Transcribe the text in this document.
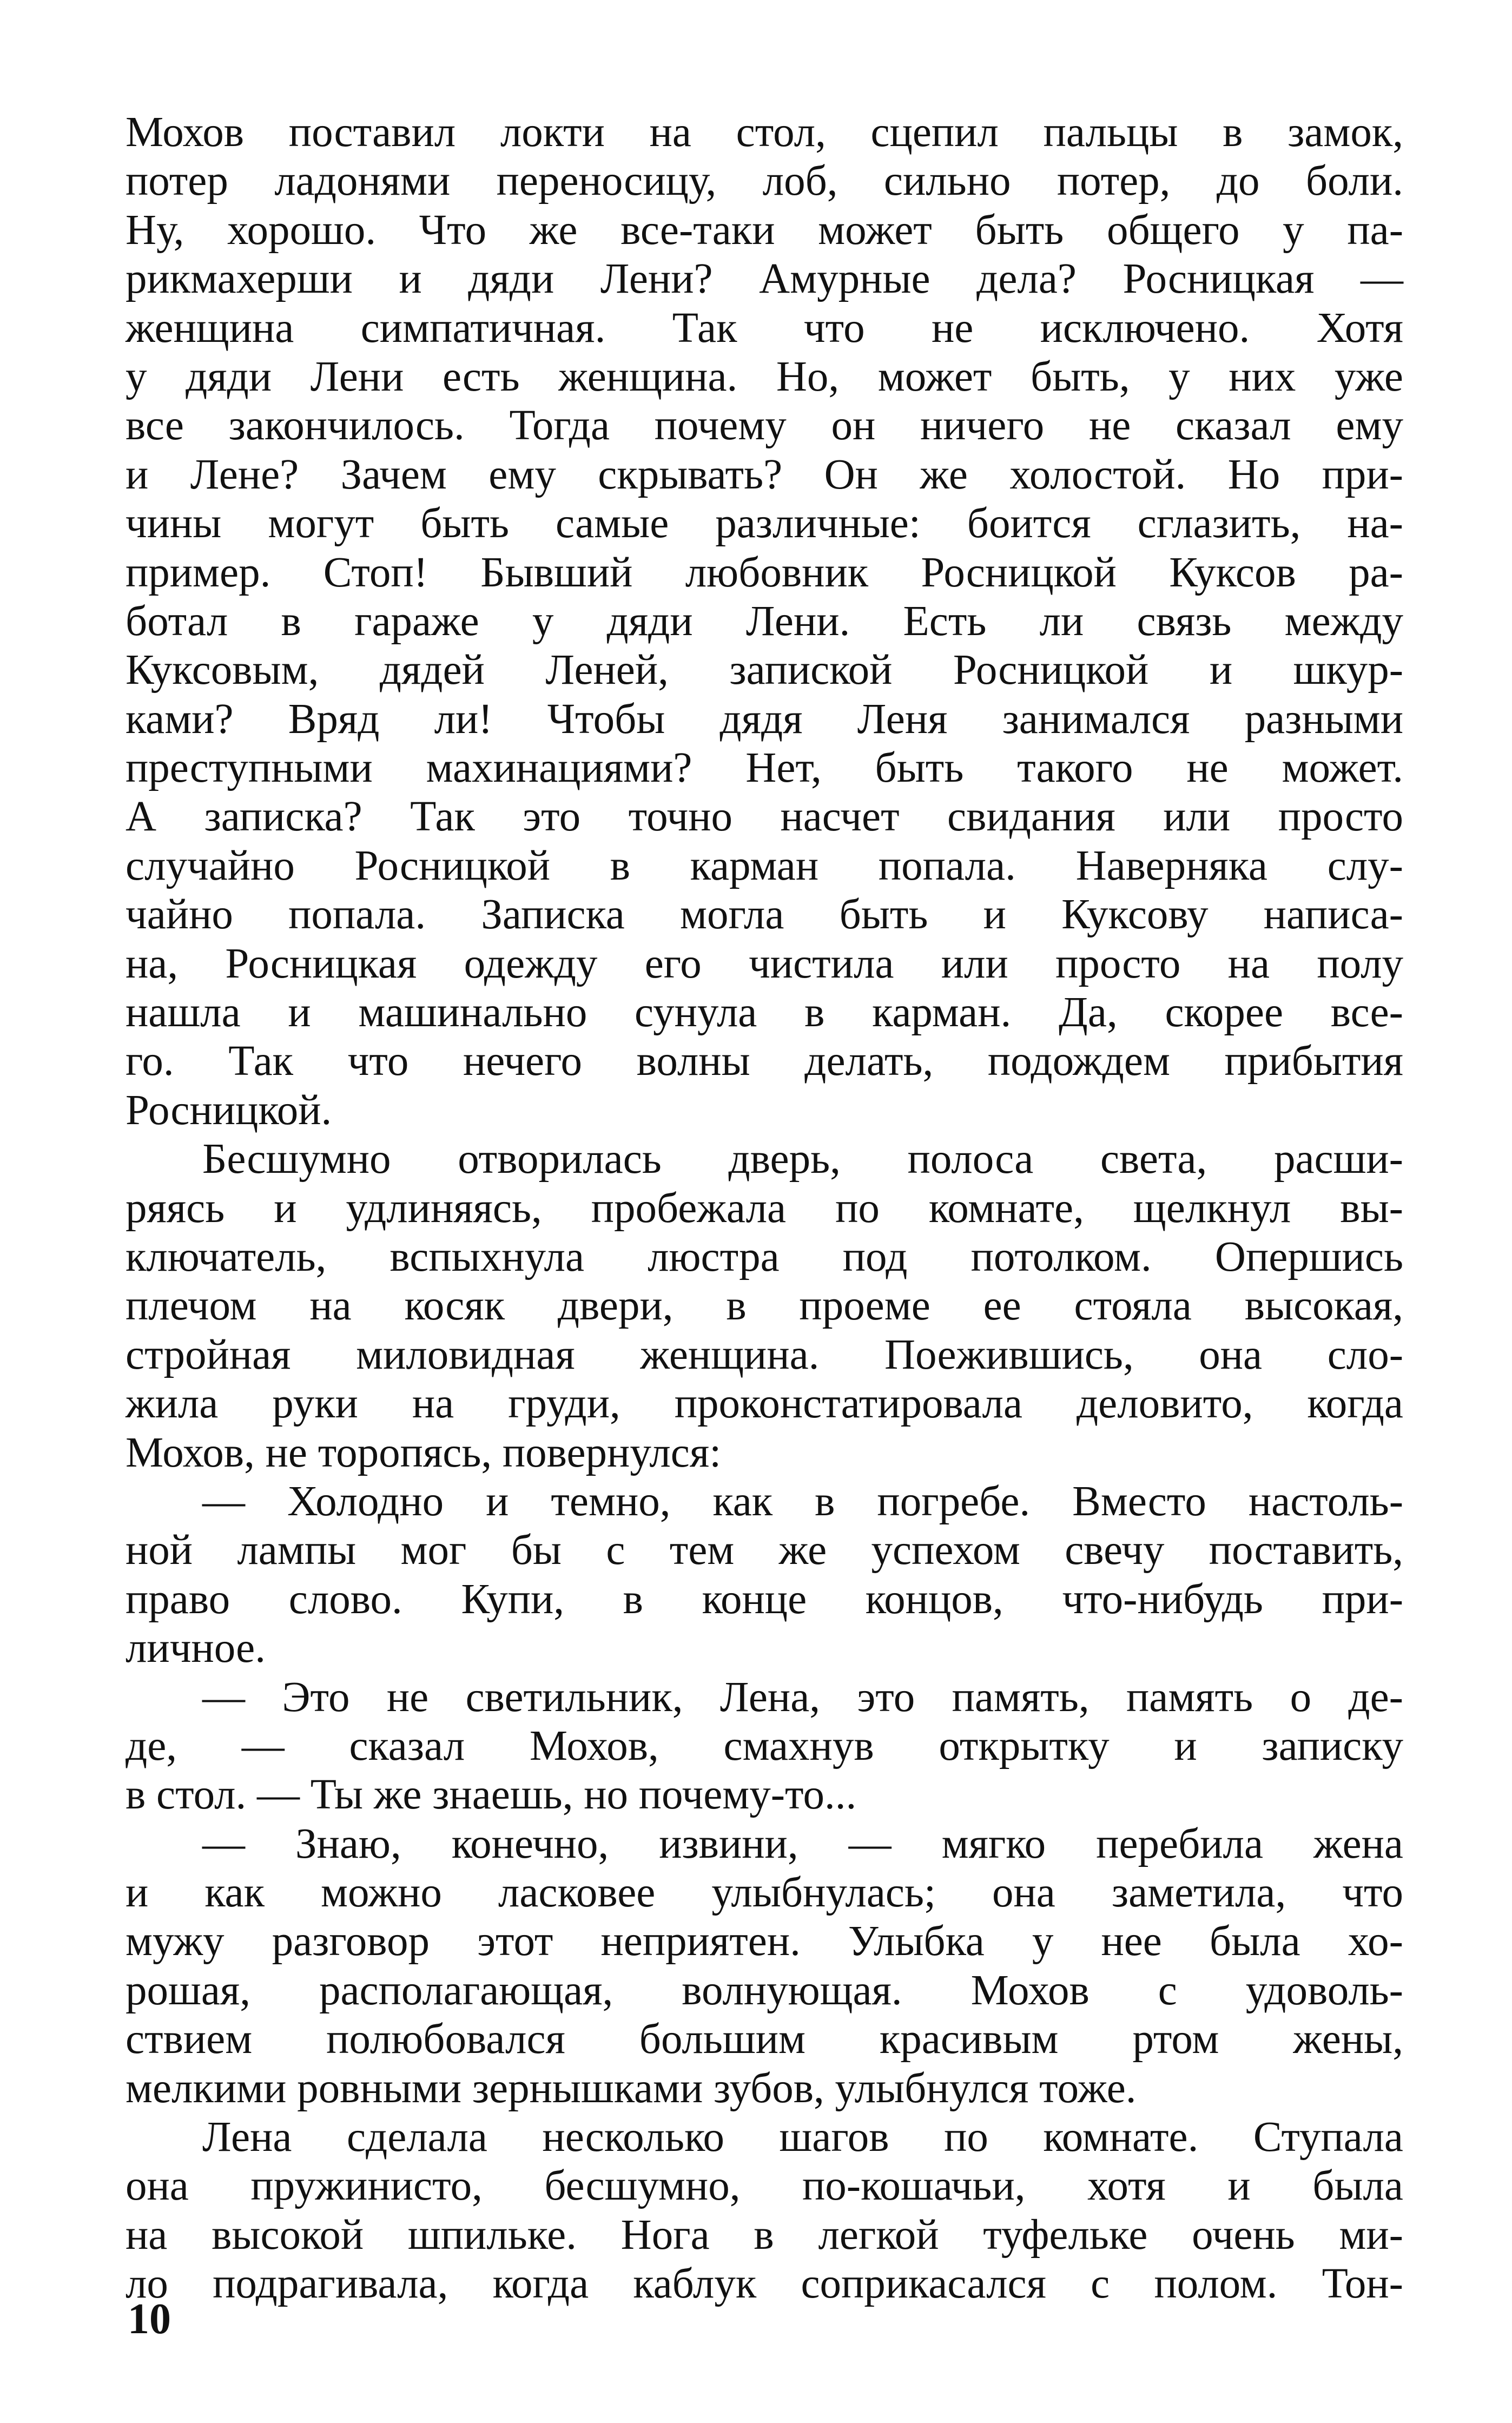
Мохов поставил локти на стол, сцепил пальцы в замок,
потер ладонями переносицу, лоб, сильно потер, до боли.
Ну, хорошо. Что же все-таки может быть общего у па-
рикмахерши и дяди Лени? Амурные дела? Росницкая —
женщина симпатичная. Так что не исключено. Хотя
у дяди Лени есть женщина. Но, может быть, у них уже
все закончилось. Тогда почему он ничего не сказал ему
и Лене? Зачем ему скрывать? Он же холостой. Но при-
чины могут быть самые различные: боится сглазить, на-
пример. Стоп! Бывший любовник Росницкой Куксов ра-
ботал в гараже у дяди Лени. Есть ли связь между
Куксовым, дядей Леней, запиской Росницкой и шкур-
ками? Вряд ли! Чтобы дядя Леня занимался разными
преступными махинациями? Нет, быть такого не может.
А записка? Так это точно насчет свидания или просто
случайно Росницкой в карман попала. Наверняка слу-
чайно попала. Записка могла быть и Куксову написа-
на, Росницкая одежду его чистила или просто на полу
нашла и машинально сунула в карман. Да, скорее все-
го. Так что нечего волны делать, подождем прибытия
Росницкой.
Бесшумно отворилась дверь, полоса света, расши-
ряясь и удлиняясь, пробежала по комнате, щелкнул вы-
ключатель, вспыхнула люстра под потолком. Опершись
плечом на косяк двери, в проеме ее стояла высокая,
стройная миловидная женщина. Поежившись, она сло-
жила руки на груди, проконстатировала деловито, когда
Мохов, не торопясь, повернулся:
— Холодно и темно, как в погребе. Вместо настоль-
ной лампы мог бы с тем же успехом свечу поставить,
право слово. Купи, в конце концов, что-нибудь при-
личное.
— Это не светильник, Лена, это память, память о де-
де, — сказал Мохов, смахнув открытку и записку
в стол. — Ты же знаешь, но почему-то...
— Знаю, конечно, извини, — мягко перебила жена
и как можно ласковее улыбнулась; она заметила, что
мужу разговор этот неприятен. Улыбка у нее была хо-
рошая, располагающая, волнующая. Мохов с удоволь-
ствием полюбовался большим красивым ртом жены,
мелкими ровными зернышками зубов, улыбнулся тоже.
Лена сделала несколько шагов по комнате. Ступала
она пружинисто, бесшумно, по-кошачьи, хотя и была
на высокой шпильке. Нога в легкой туфельке очень ми-
ло подрагивала, когда каблук соприкасался с полом. Тон-
10
